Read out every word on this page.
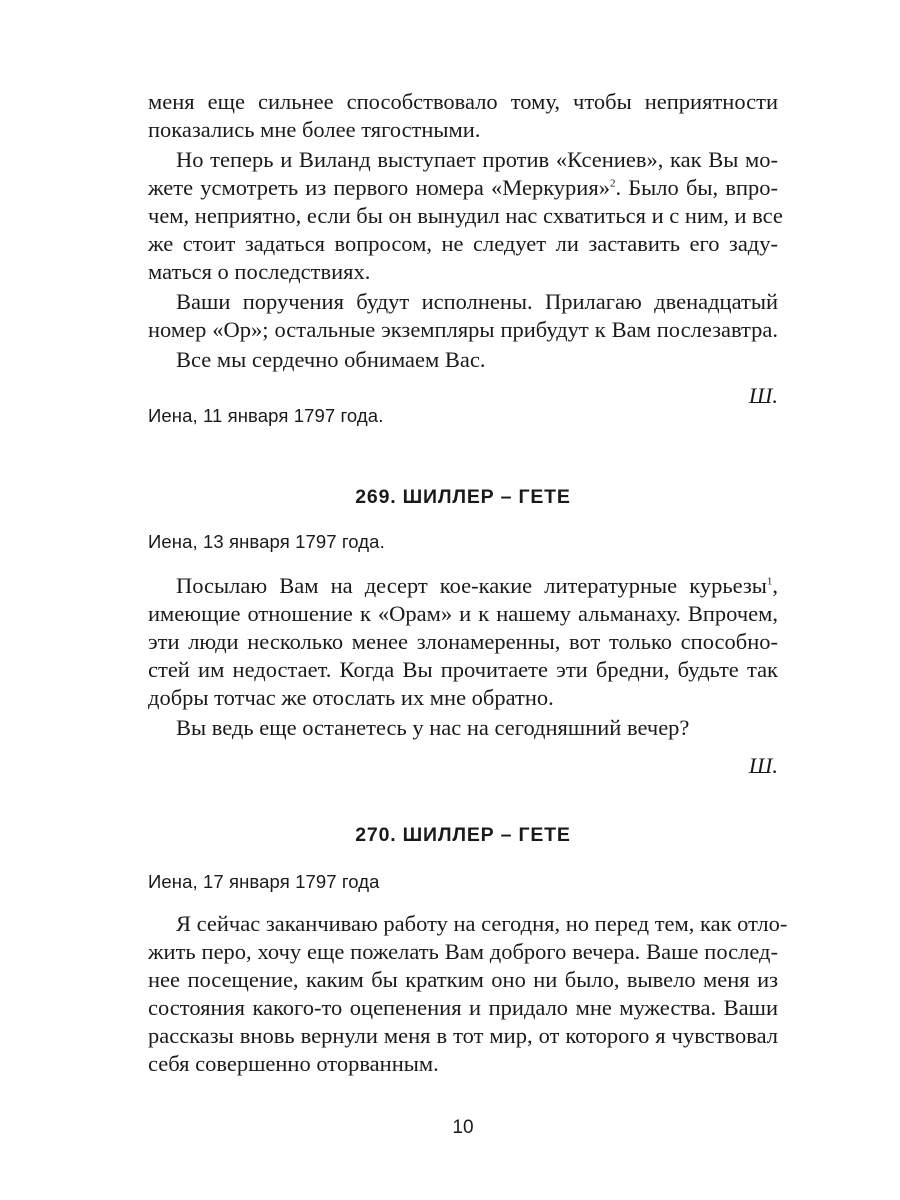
меня еще сильнее способствовало тому, чтобы неприятности
показались мне более тягостными.
Но теперь и Виланд выступает против «Ксениев», как Вы мо-
жете усмотреть из первого номера «Меркурия»$^2$. Было бы, впро-
чем, неприятно, если бы он вынудил нас схватиться и с ним, и все
же стоит задаться вопросом, не следует ли заставить его заду-
маться о последствиях.
Ваши поручения будут исполнены. Прилагаю двенадцатый
номер «Ор»; остальные экземпляры прибудут к Вам послезавтра.
Все мы сердечно обнимаем Вас.
Ш.
Иена, 11 января 1797 года.
269. ШИЛЛЕР – ГЕТЕ
Иена, 13 января 1797 года.
Посылаю Вам на десерт кое-какие литературные курьезы$^1$,
имеющие отношение к «Орам» и к нашему альманаху. Впрочем,
эти люди несколько менее злонамеренны, вот только способно-
стей им недостает. Когда Вы прочитаете эти бредни, будьте так
добры тотчас же отослать их мне обратно.
Вы ведь еще останетесь у нас на сегодняшний вечер?
Ш.
270. ШИЛЛЕР – ГЕТЕ
Иена, 17 января 1797 года
Я сейчас заканчиваю работу на сегодня, но перед тем, как отло-
жить перо, хочу еще пожелать Вам доброго вечера. Ваше послед-
нее посещение, каким бы кратким оно ни было, вывело меня из
состояния какого-то оцепенения и придало мне мужества. Ваши
рассказы вновь вернули меня в тот мир, от которого я чувствовал
себя совершенно оторванным.
10
